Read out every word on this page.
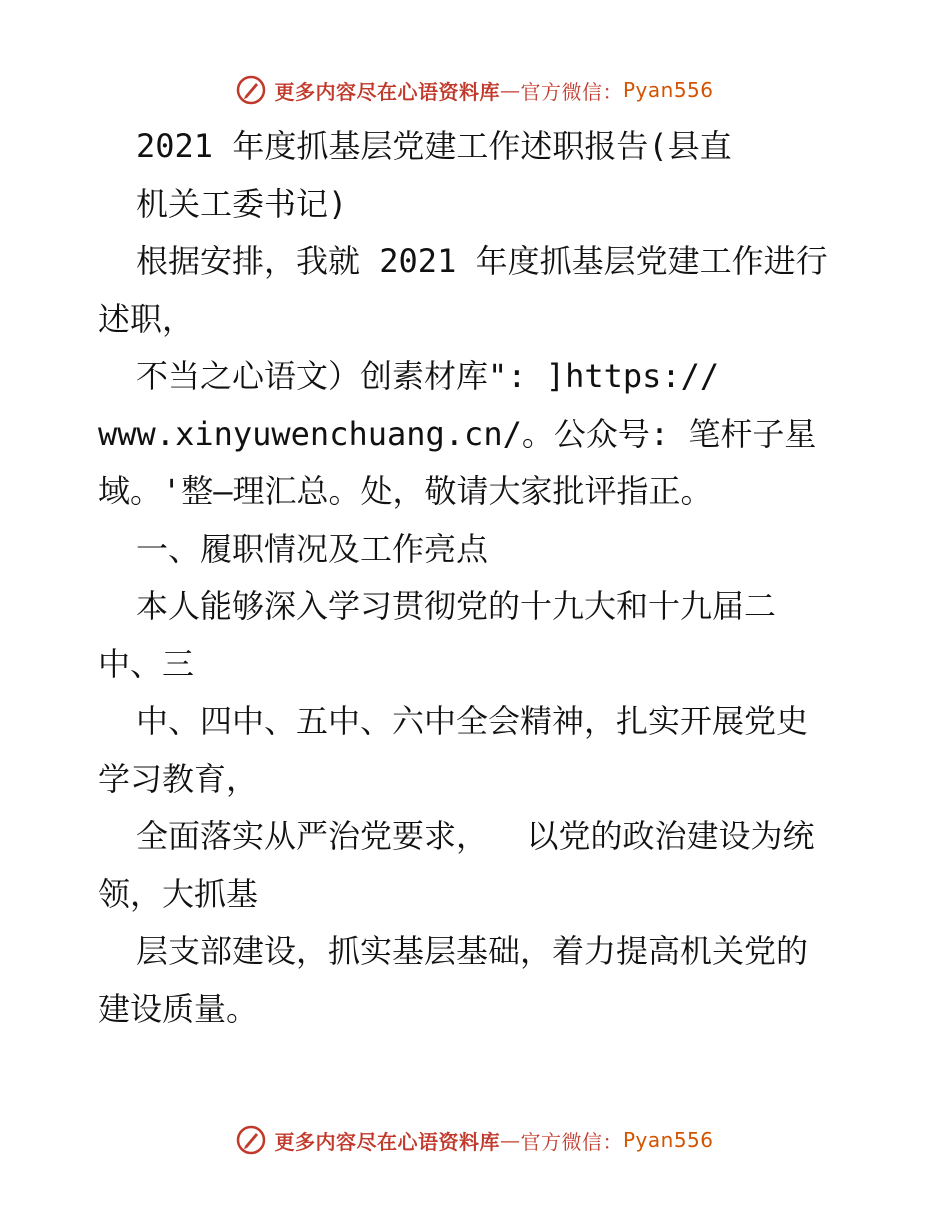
更多内容尽在心语资料库 — 官方微信： Pyan556
2021 年度抓基层党建工作述职报告(县直
机关工委书记)
根据安排，我就 2021 年度抓基层党建工作进行
述职，
不当之心语文）创素材库": ]https://
www.xinyuwenchuang.cn/。公众号: 笔杆子星
域。'整—理汇总。处，敬请大家批评指正。
一、履职情况及工作亮点
本人能够深入学习贯彻党的十九大和十九届二
中、三
中、四中、五中、六中全会精神，扎实开展党史
学习教育，
全面落实从严治党要求，  以党的政治建设为统
领，大抓基
层支部建设，抓实基层基础，着力提高机关党的
建设质量。
更多内容尽在心语资料库 — 官方微信： Pyan556
